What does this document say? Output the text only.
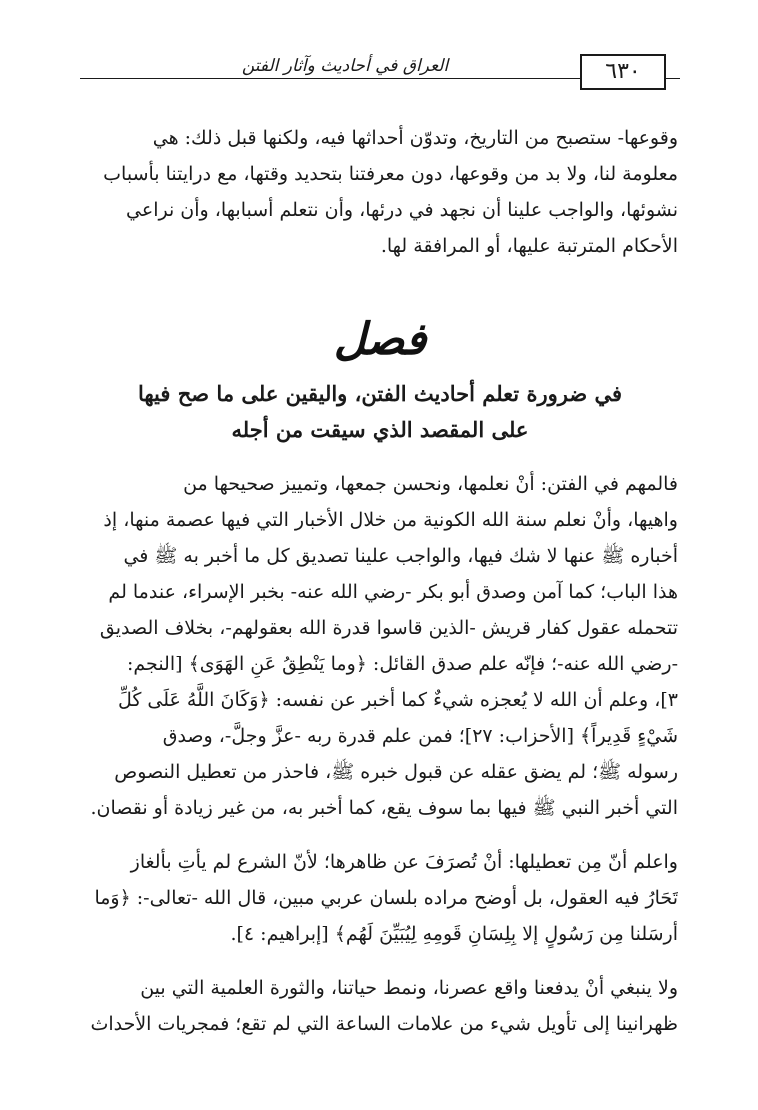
٦٣٠
العراق في أحاديث وآثار الفتن
وقوعها- ستصبح من التاريخ، وتدوّن أحداثها فيه، ولكنها قبل ذلك: هي
معلومة لنا، ولا بد من وقوعها، دون معرفتنا بتحديد وقتها، مع درايتنا بأسباب
نشوئها، والواجب علينا أن نجهد في درئها، وأن نتعلم أسبابها، وأن نراعي
الأحكام المترتبة عليها، أو المرافقة لها.
فصل
في ضرورة تعلم أحاديث الفتن، واليقين على ما صح فيها
على المقصد الذي سيقت من أجله
فالمهم في الفتن: أنْ نعلمها، ونحسن جمعها، وتمييز صحيحها من
واهيها، وأنْ نعلم سنة الله الكونية من خلال الأخبار التي فيها عصمة منها، إذ
أخباره ﷺ عنها لا شك فيها، والواجب علينا تصديق كل ما أخبر به ﷺ في
هذا الباب؛ كما آمن وصدق أبو بكر -رضي الله عنه- بخبر الإسراء، عندما لم
تتحمله عقول كفار قريش -الذين قاسوا قدرة الله بعقولهم-، بخلاف الصديق
-رضي الله عنه-؛ فإنّه علم صدق القائل: ﴿وما يَنْطِقُ عَنِ الهَوَى﴾ [النجم:
٣]، وعلم أن الله لا يُعجزه شيءٌ كما أخبر عن نفسه: ﴿وَكَانَ اللَّهُ عَلَى كُلِّ
شَيْءٍ قَدِيراً﴾ [الأحزاب: ٢٧]؛ فمن علم قدرة ربه -عزَّ وجلَّ-، وصدق
رسوله ﷺ؛ لم يضق عقله عن قبول خبره ﷺ، فاحذر من تعطيل النصوص
التي أخبر النبي ﷺ فيها بما سوف يقع، كما أخبر به، من غير زيادة أو نقصان.
واعلم أنّ مِن تعطيلها: أنْ تُصرَفَ عن ظاهرها؛ لأنّ الشرع لم يأتِ بألغاز
تَحَارُ فيه العقول، بل أوضح مراده بلسان عربي مبين، قال الله -تعالى-: ﴿وَما
أرسَلنا مِن رَسُولٍ إلا بِلِسَانِ قَومِهِ لِيُبَيِّنَ لَهُم﴾ [إبراهيم: ٤].
ولا ينبغي أنْ يدفعنا واقع عصرنا، ونمط حياتنا، والثورة العلمية التي بين
ظهرانينا إلى تأويل شيء من علامات الساعة التي لم تقع؛ فمجريات الأحداث
